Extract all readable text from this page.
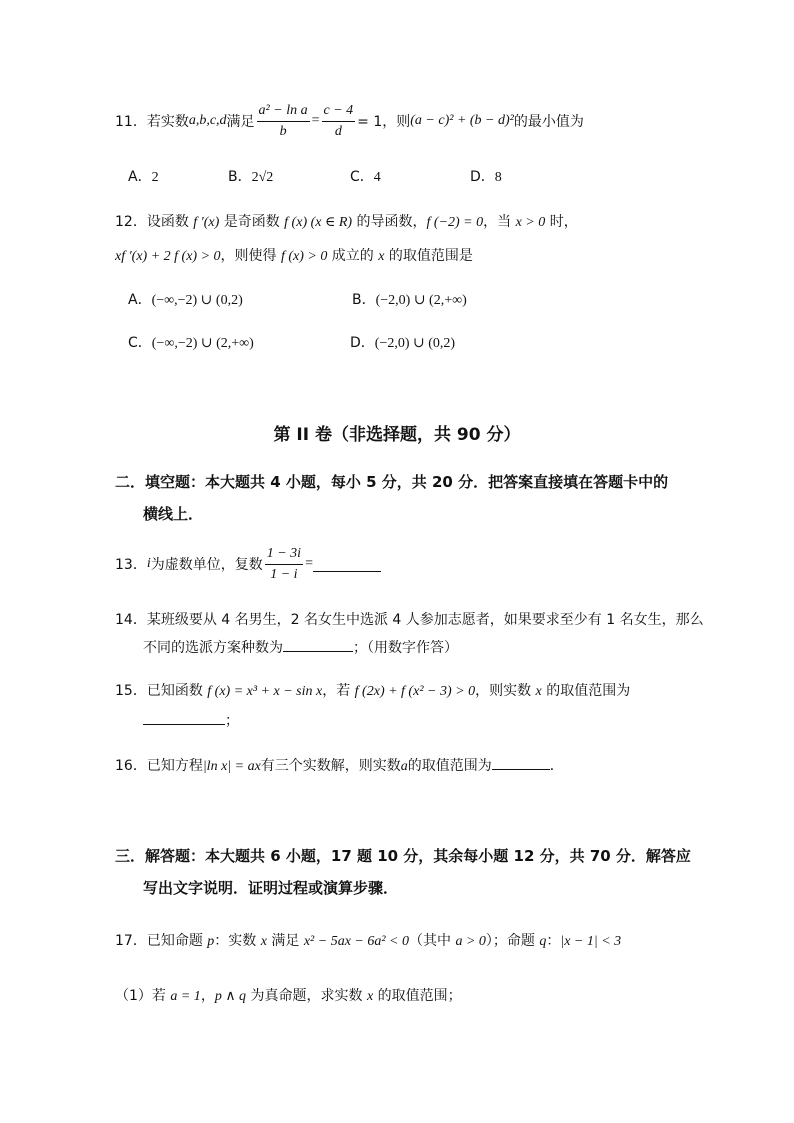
11． 若实数 a,b,c,d 满足 $\frac{\text{a² − ln a}}{b} = \frac{c - 4}{d} = 1$，则 (a − c)² + (b − d)² 的最小值为
A．2	B．2√2	C．4	D．8
12．设函数 f ′(x) 是奇函数 f (x) (x ∈ R) 的导函数，f (−2) = 0，当 x > 0 时，
xf ′(x) + 2 f (x) > 0，则使得 f (x) > 0 成立的 x 的取值范围是
A．(−∞,−2) ∪ (0,2)	B．(−2,0) ∪ (2,+∞)
C．(−∞,−2) ∪ (2,+∞)	D．(−2,0) ∪ (0,2)
第 II 卷（非选择题，共 90 分）
二．填空题：本大题共 4 小题，每小 5 分，共 20 分．把答案直接填在答题卡中的
横线上．
13． i 为虚数单位，复数 $\frac{1 - 3i}{1 - i}$ =
14．某班级要从 4 名男生，2 名女生中选派 4 人参加志愿者，如果要求至少有 1 名女生，那么
不同的选派方案种数为	；（用数字作答）
15．已知函数 f (x) = x³ + x − sin x，若 f (2x) + f (x² − 3) > 0，则实数 x 的取值范围为
；
16．已知方程|ln x| = ax有三个实数解，则实数a的取值范围为	．
三．解答题：本大题共 6 小题，17 题 10 分，其余每小题 12 分，共 70 分．解答应
写出文字说明．证明过程或演算步骤．
17．已知命题 p：实数 x 满足 x² − 5ax − 6a² < 0（其中 a > 0）；命题 q：|x − 1| < 3
（1）若 a = 1，p ∧ q 为真命题，求实数 x 的取值范围；
